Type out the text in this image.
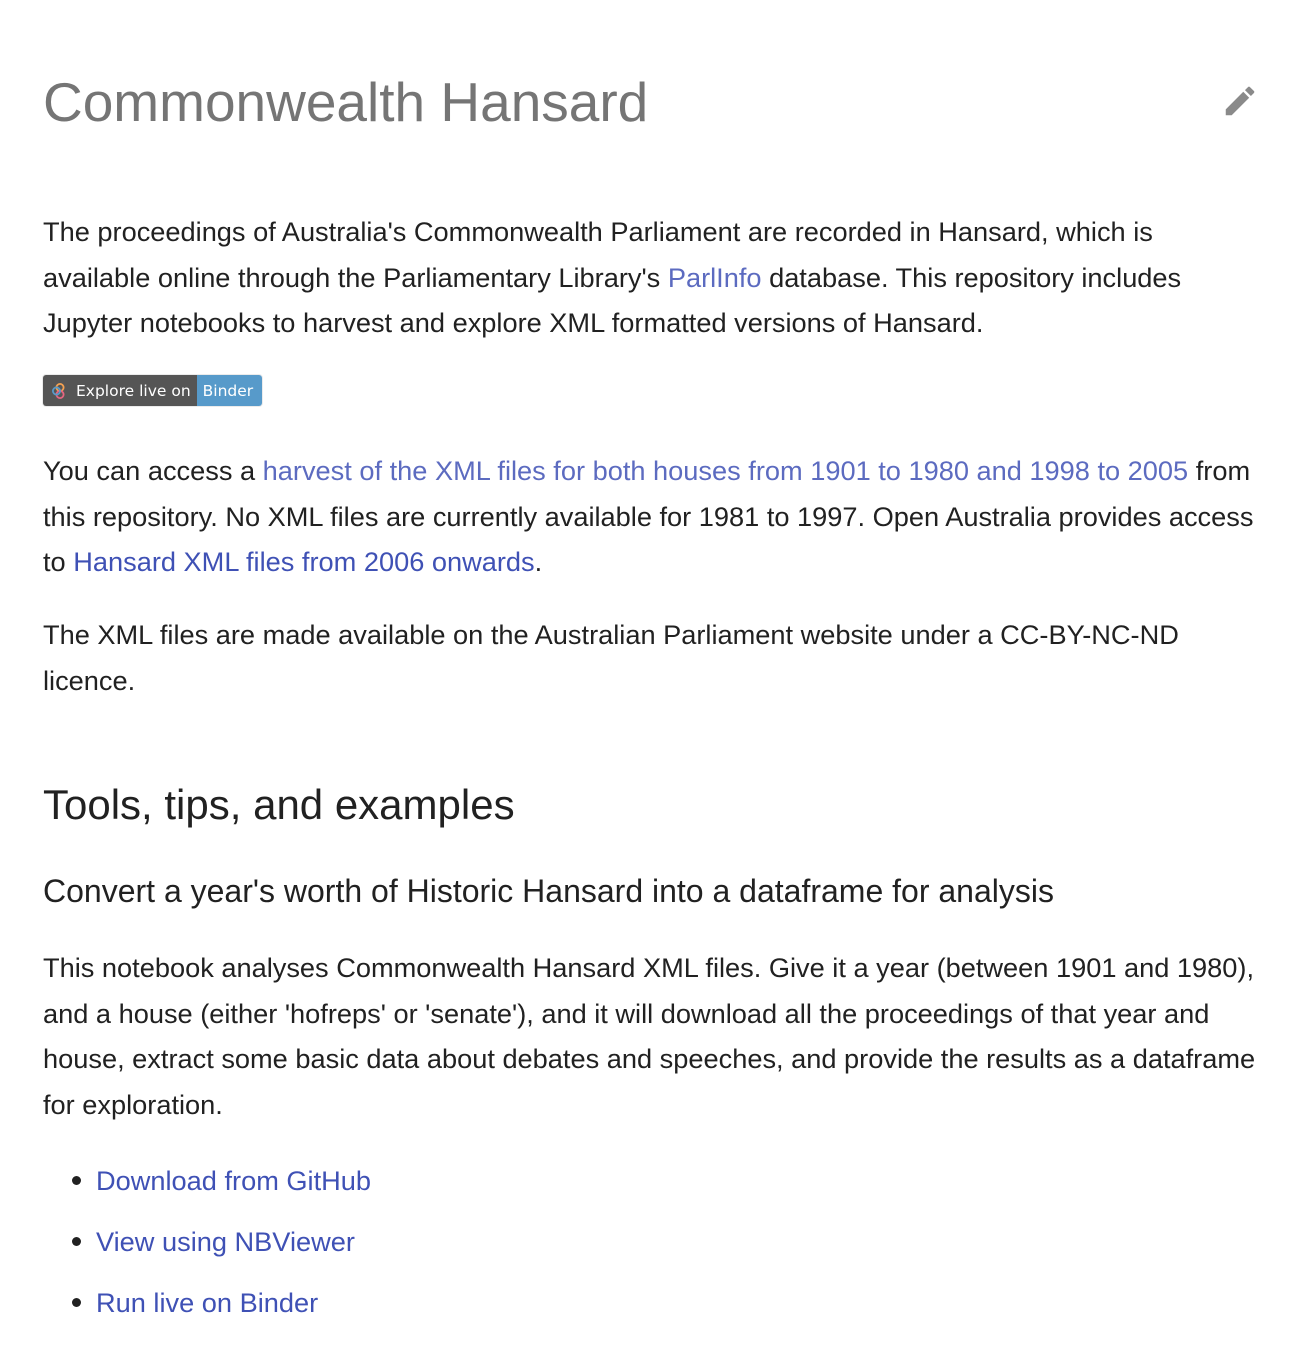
Commonwealth Hansard

The proceedings of Australia's Commonwealth Parliament are recorded in Hansard, which is available online through the Parliamentary Library's ParlInfo database. This repository includes Jupyter notebooks to harvest and explore XML formatted versions of Hansard.

Explore live on Binder

You can access a harvest of the XML files for both houses from 1901 to 1980 and 1998 to 2005 from this repository. No XML files are currently available for 1981 to 1997. Open Australia provides access to Hansard XML files from 2006 onwards.

The XML files are made available on the Australian Parliament website under a CC-BY-NC-ND licence.

Tools, tips, and examples
Convert a year's worth of Historic Hansard into a dataframe for analysis

This notebook analyses Commonwealth Hansard XML files. Give it a year (between 1901 and 1980), and a house (either 'hofreps' or 'senate'), and it will download all the proceedings of that year and house, extract some basic data about debates and speeches, and provide the results as a dataframe for exploration.

Download from GitHub
View using NBViewer
Run live on Binder
